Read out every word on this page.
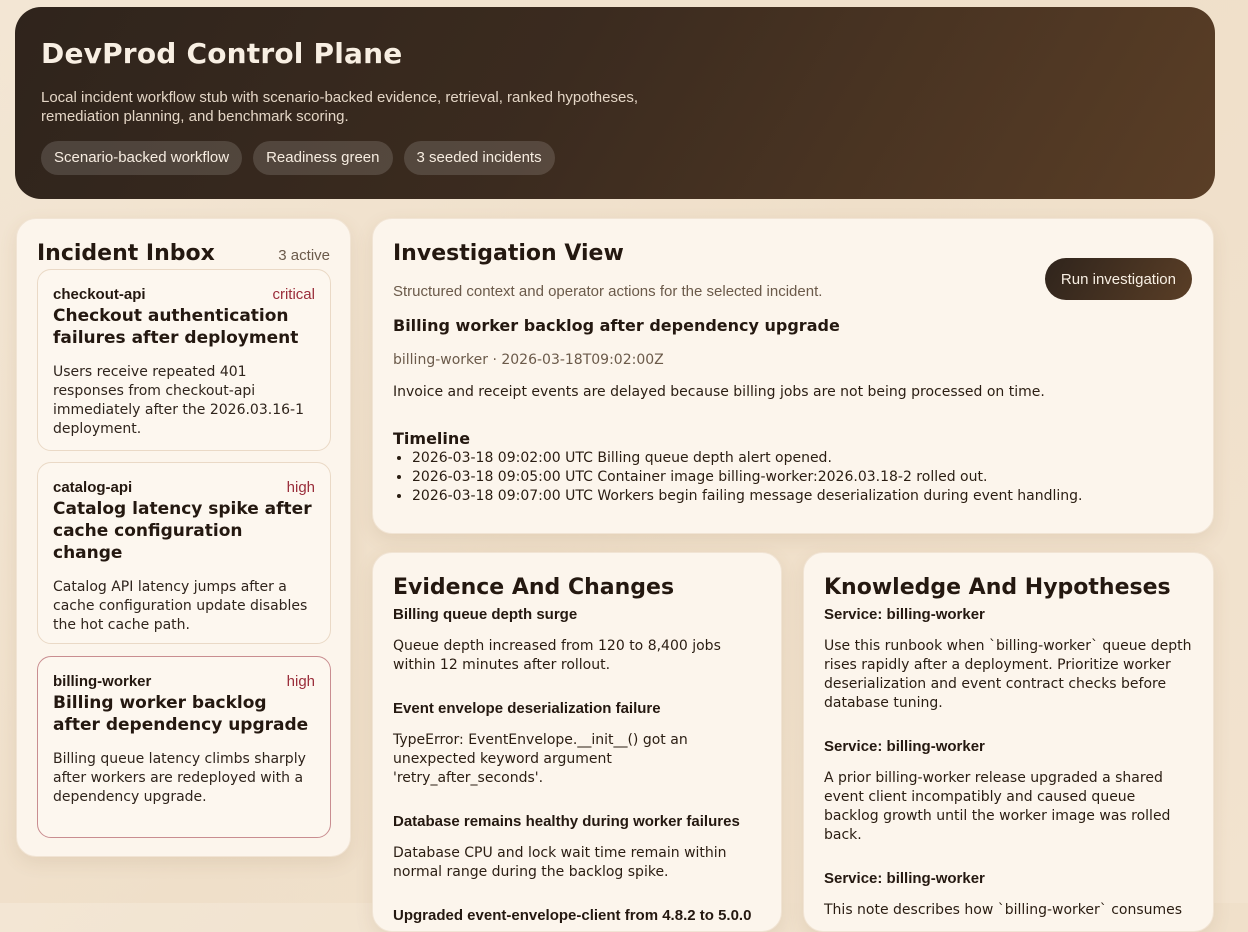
DevProd Control Plane

Local incident workflow stub with scenario-backed evidence, retrieval, ranked hypotheses, remediation planning, and benchmark scoring.

Scenario-backed workflow	Readiness green	3 seeded incidents
Incident Inbox	3 active
checkout-api	critical
Checkout authentication failures after deployment

Users receive repeated 401 responses from checkout-api immediately after the 2026.03.16-1 deployment.

catalog-api	high
Catalog latency spike after cache configuration change

Catalog API latency jumps after a cache configuration update disables the hot cache path.

billing-worker	high
Billing worker backlog after dependency upgrade

Billing queue latency climbs sharply after workers are redeployed with a dependency upgrade.

Investigation View
Run investigation
Structured context and operator actions for the selected incident.
Billing worker backlog after dependency upgrade
billing-worker · 2026-03-18T09:02:00Z
Invoice and receipt events are delayed because billing jobs are not being processed on time.
Timeline
• 2026-03-18 09:02:00 UTC Billing queue depth alert opened.
• 2026-03-18 09:05:00 UTC Container image billing-worker:2026.03.18-2 rolled out.
• 2026-03-18 09:07:00 UTC Workers begin failing message deserialization during event handling.
Evidence And Changes
Billing queue depth surge

Queue depth increased from 120 to 8,400 jobs within 12 minutes after rollout.

Event envelope deserialization failure

TypeError: EventEnvelope.__init__() got an unexpected keyword argument 'retry_after_seconds'.

Database remains healthy during worker failures

Database CPU and lock wait time remain within normal range during the backlog spike.

Upgraded event-envelope-client from 4.8.2 to 5.0.0
Knowledge And Hypotheses
Service: billing-worker

Use this runbook when `billing-worker` queue depth rises rapidly after a deployment. Prioritize worker deserialization and event contract checks before database tuning.

Service: billing-worker

A prior billing-worker release upgraded a shared event client incompatibly and caused queue backlog growth until the worker image was rolled back.

Service: billing-worker

This note describes how `billing-worker` consumes
